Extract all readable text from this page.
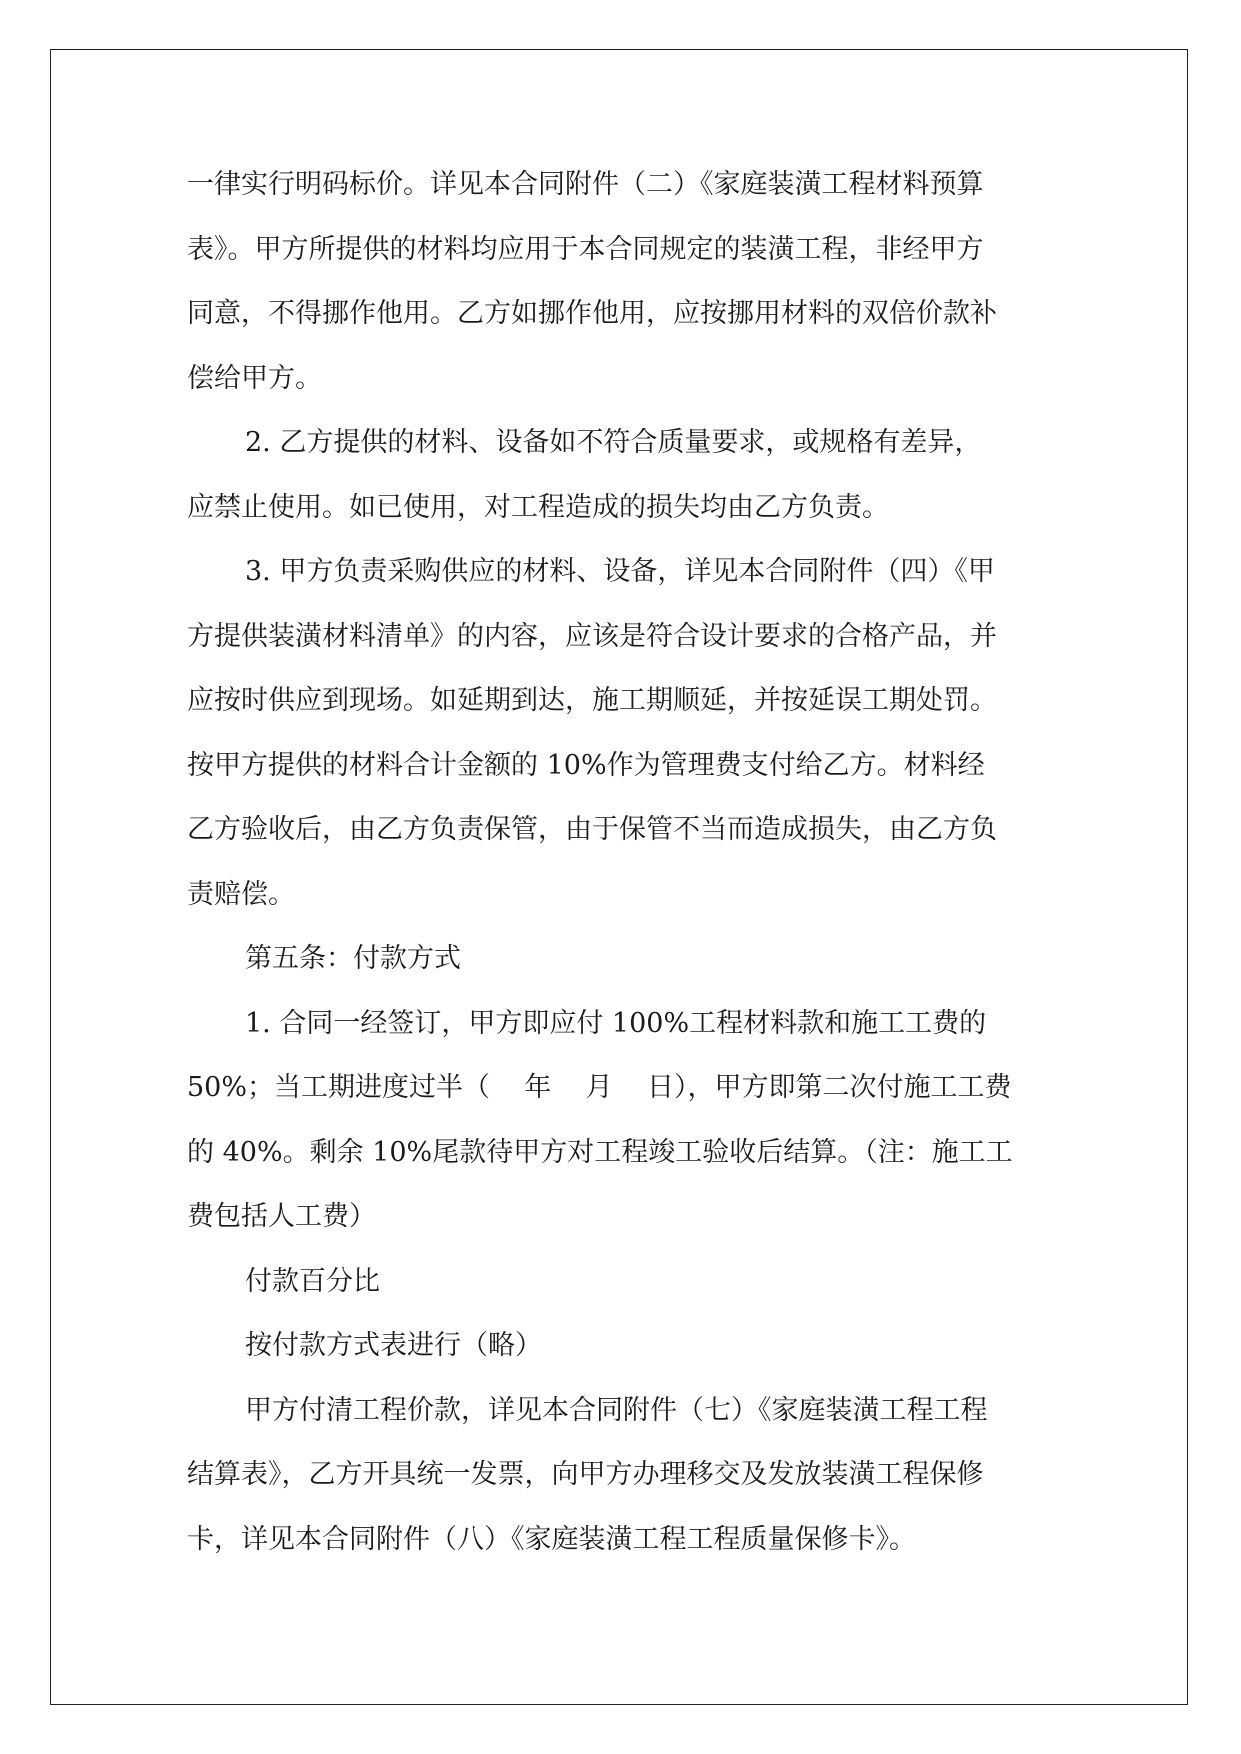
一律实行明码标价。详见本合同附件（二）《家庭装潢工程材料预算
表》。甲方所提供的材料均应用于本合同规定的装潢工程，非经甲方
同意，不得挪作他用。乙方如挪作他用，应按挪用材料的双倍价款补
偿给甲方。
2. 乙方提供的材料、设备如不符合质量要求，或规格有差异，
应禁止使用。如已使用，对工程造成的损失均由乙方负责。
3. 甲方负责采购供应的材料、设备，详见本合同附件（四）《甲
方提供装潢材料清单》的内容，应该是符合设计要求的合格产品，并
应按时供应到现场。如延期到达，施工期顺延，并按延误工期处罚。
按甲方提供的材料合计金额的 10%作为管理费支付给乙方。材料经
乙方验收后，由乙方负责保管，由于保管不当而造成损失，由乙方负
责赔偿。
第五条：付款方式
1. 合同一经签订，甲方即应付 100%工程材料款和施工工费的
50%；当工期进度过半（    年    月    日），甲方即第二次付施工工费
的 40%。剩余 10%尾款待甲方对工程竣工验收后结算。（注：施工工
费包括人工费）
付款百分比
按付款方式表进行（略）
甲方付清工程价款，详见本合同附件（七）《家庭装潢工程工程
结算表》，乙方开具统一发票，向甲方办理移交及发放装潢工程保修
卡，详见本合同附件（八）《家庭装潢工程工程质量保修卡》。
